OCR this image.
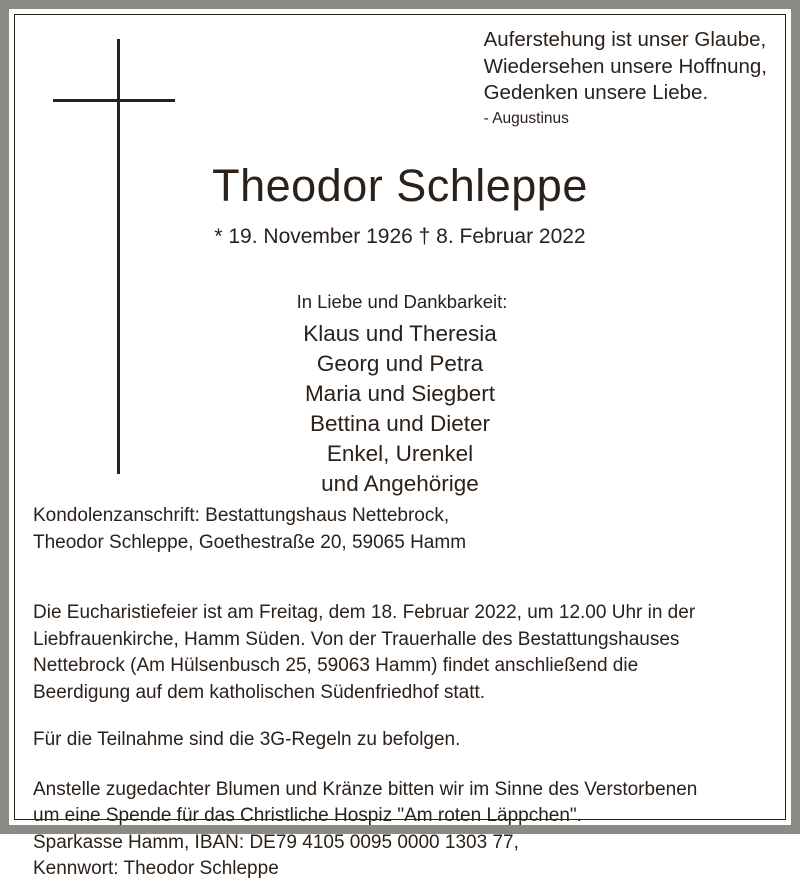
Auferstehung ist unser Glaube,
Wiedersehen unsere Hoffnung,
Gedenken unsere Liebe.
- Augustinus
Theodor Schleppe
* 19. November 1926 † 8. Februar 2022
In Liebe und Dankbarkeit:
Klaus und Theresia
Georg und Petra
Maria und Siegbert
Bettina und Dieter
Enkel, Urenkel
und Angehörige

Kondolenzanschrift: Bestattungshaus Nettebrock,
Theodor Schleppe, Goethestraße 20, 59065 Hamm

Die Eucharistiefeier ist am Freitag, dem 18. Februar 2022, um 12.00 Uhr in der
Liebfrauenkirche, Hamm Süden. Von der Trauerhalle des Bestattungshauses
Nettebrock (Am Hülsenbusch 25, 59063 Hamm) findet anschließend die
Beerdigung auf dem katholischen Südenfriedhof statt.

Für die Teilnahme sind die 3G-Regeln zu befolgen.

Anstelle zugedachter Blumen und Kränze bitten wir im Sinne des Verstorbenen
um eine Spende für das Christliche Hospiz "Am roten Läppchen".
Sparkasse Hamm, IBAN: DE79 4105 0095 0000 1303 77,
Kennwort: Theodor Schleppe
